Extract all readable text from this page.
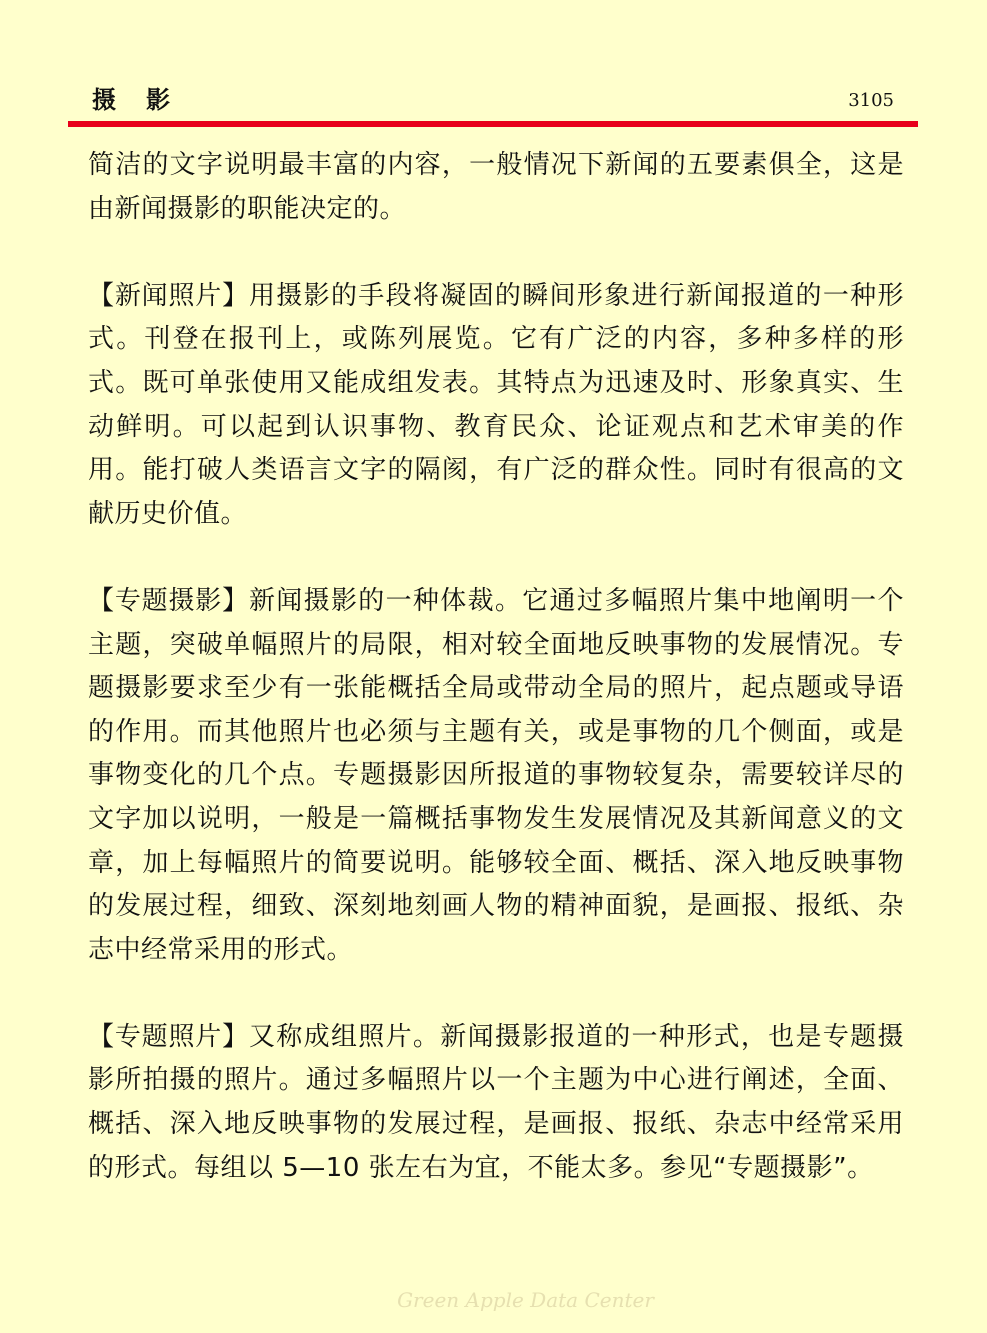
摄影	3105

简洁的文字说明最丰富的内容，一般情况下新闻的五要素俱全，这是由新闻摄影的职能决定的。

【新闻照片】用摄影的手段将凝固的瞬间形象进行新闻报道的一种形式。刊登在报刊上，或陈列展览。它有广泛的内容，多种多样的形式。既可单张使用又能成组发表。其特点为迅速及时、形象真实、生动鲜明。可以起到认识事物、教育民众、论证观点和艺术审美的作用。能打破人类语言文字的隔阂，有广泛的群众性。同时有很高的文献历史价值。

【专题摄影】新闻摄影的一种体裁。它通过多幅照片集中地阐明一个主题，突破单幅照片的局限，相对较全面地反映事物的发展情况。专题摄影要求至少有一张能概括全局或带动全局的照片，起点题或导语的作用。而其他照片也必须与主题有关，或是事物的几个侧面，或是事物变化的几个点。专题摄影因所报道的事物较复杂，需要较详尽的文字加以说明，一般是一篇概括事物发生发展情况及其新闻意义的文章，加上每幅照片的简要说明。能够较全面、概括、深入地反映事物的发展过程，细致、深刻地刻画人物的精神面貌，是画报、报纸、杂志中经常采用的形式。

【专题照片】又称成组照片。新闻摄影报道的一种形式，也是专题摄影所拍摄的照片。通过多幅照片以一个主题为中心进行阐述，全面、概括、深入地反映事物的发展过程，是画报、报纸、杂志中经常采用的形式。每组以 5—10 张左右为宜，不能太多。参见“专题摄影”。

Green Apple Data Center
